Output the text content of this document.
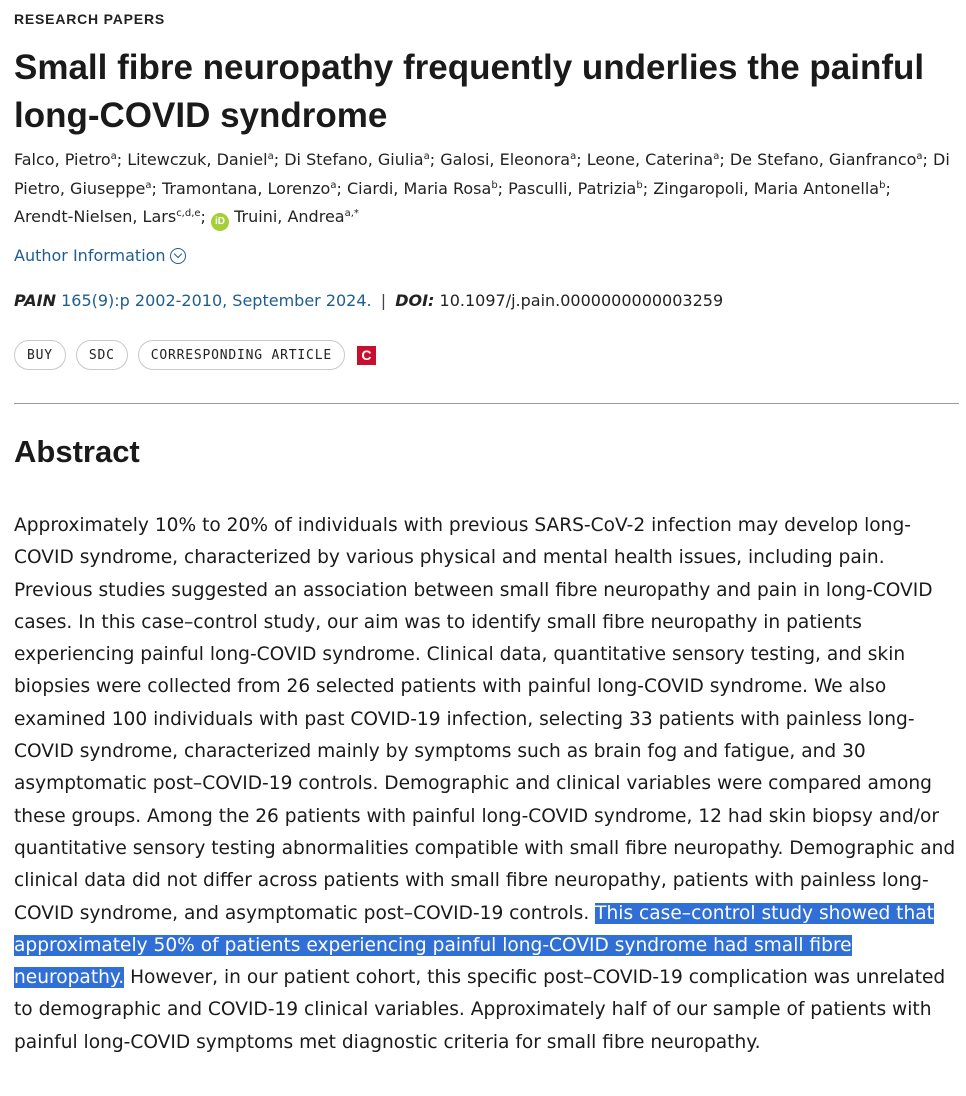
RESEARCH PAPERS
Small fibre neuropathy frequently underlies the painful long-COVID syndrome
Falco, Pietro$^a$; Litewczuk, Daniel$^a$; Di Stefano, Giulia$^a$; Galosi, Eleonora$^a$; Leone, Caterina$^a$; De Stefano, Gianfranco$^a$; Di Pietro, Giuseppe$^a$; Tramontana, Lorenzo$^a$; Ciardi, Maria Rosa$^b$; Pasculli, Patrizia$^b$; Zingaropoli, Maria Antonella$^b$; Arendt-Nielsen, Lars$^{c,d,e}$; iD Truini, Andrea$^{a,*}$
Author Information
PAIN 165(9):p 2002-2010, September 2024. | DOI: 10.1097/j.pain.0000000000003259
BUY	SDC	CORRESPONDING ARTICLE	C
Abstract

Approximately 10% to 20% of individuals with previous SARS-CoV-2 infection may develop long-COVID syndrome, characterized by various physical and mental health issues, including pain. Previous studies suggested an association between small fibre neuropathy and pain in long-COVID cases. In this case–control study, our aim was to identify small fibre neuropathy in patients experiencing painful long-COVID syndrome. Clinical data, quantitative sensory testing, and skin biopsies were collected from 26 selected patients with painful long-COVID syndrome. We also examined 100 individuals with past COVID-19 infection, selecting 33 patients with painless long-COVID syndrome, characterized mainly by symptoms such as brain fog and fatigue, and 30 asymptomatic post–COVID-19 controls. Demographic and clinical variables were compared among these groups. Among the 26 patients with painful long-COVID syndrome, 12 had skin biopsy and/or quantitative sensory testing abnormalities compatible with small fibre neuropathy. Demographic and clinical data did not differ across patients with small fibre neuropathy, patients with painless long-COVID syndrome, and asymptomatic post–COVID-19 controls. This case–control study showed that approximately 50% of patients experiencing painful long-COVID syndrome had small fibre neuropathy. However, in our patient cohort, this specific post–COVID-19 complication was unrelated to demographic and COVID-19 clinical variables. Approximately half of our sample of patients with painful long-COVID symptoms met diagnostic criteria for small fibre neuropathy.
